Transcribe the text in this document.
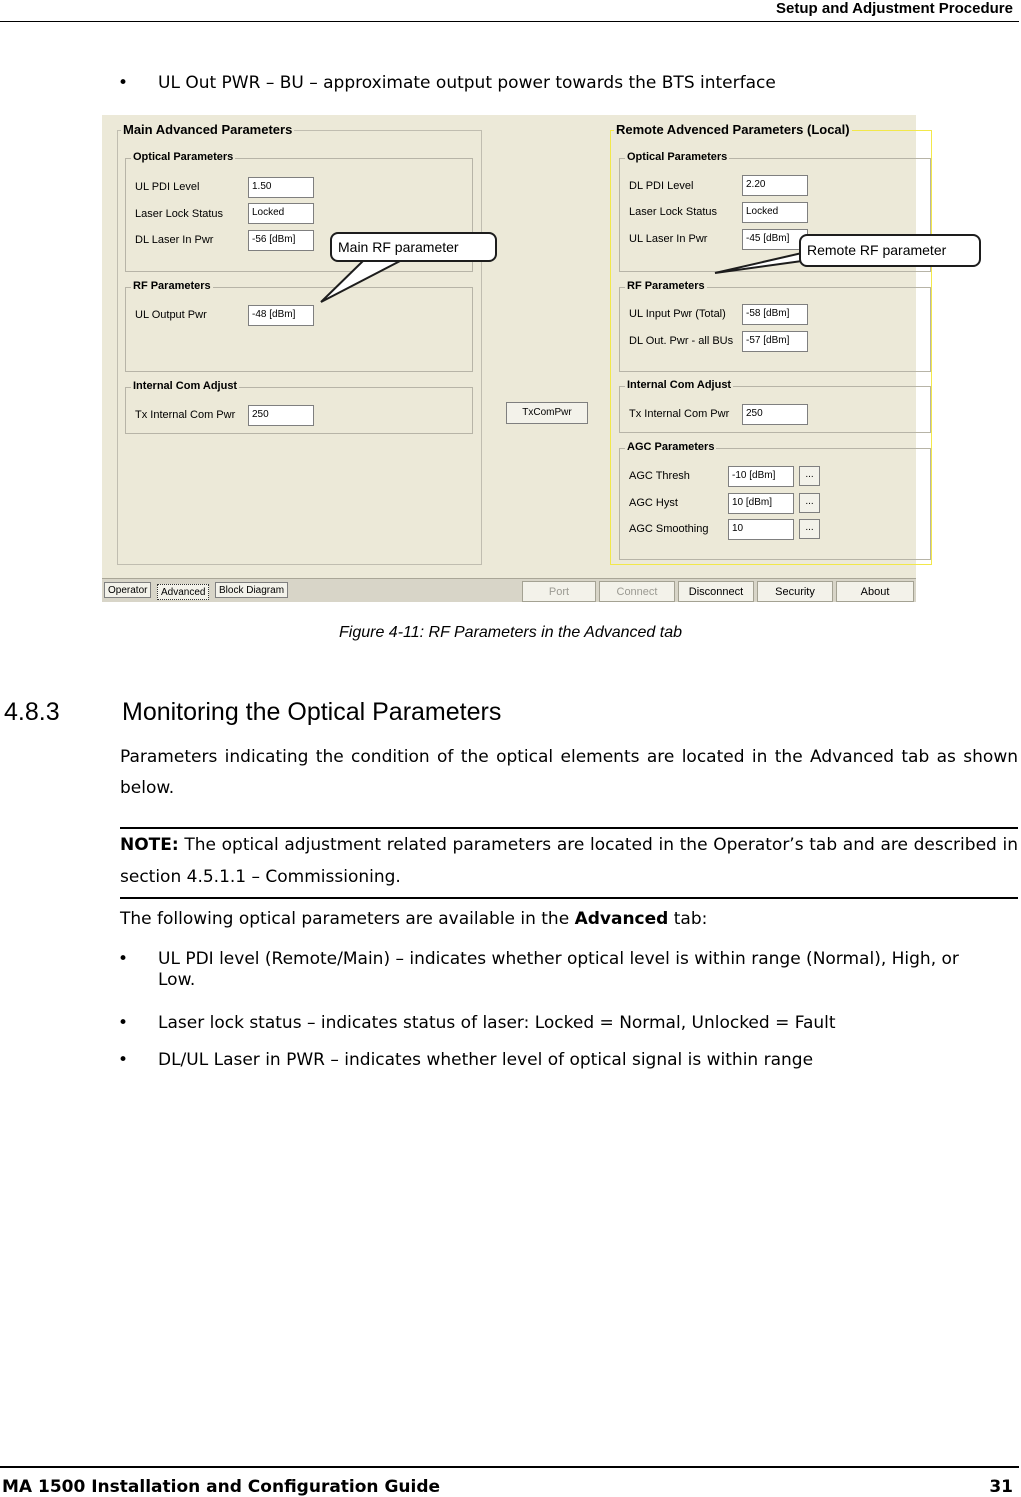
Setup and Adjustment Procedure
• UL Out PWR – BU – approximate output power towards the BTS interface
Main Advanced Parameters
Optical Parameters
UL PDI Level	1.50
Laser Lock Status	Locked
DL Laser In Pwr	-56 [dBm]
RF Parameters
UL Output Pwr	-48 [dBm]
Internal Com Adjust
Tx Internal Com Pwr	250	TxComPwr
Remote Advenced Parameters (Local)
Optical Parameters
DL PDI Level	2.20
Laser Lock Status	Locked
UL Laser In Pwr	-45 [dBm]
RF Parameters
UL Input Pwr (Total)	-58 [dBm]
DL Out. Pwr - all BUs	-57 [dBm]
Internal Com Adjust
Tx Internal Com Pwr	250
AGC Parameters
AGC Thresh	-10 [dBm]	...
AGC Hyst	10 [dBm]	...
AGC Smoothing	10	...
Operator	Advanced	Block Diagram	Port	Connect	Disconnect	Security	About
Main RF parameter	Remote RF parameter
Figure 4-11: RF Parameters in the Advanced tab
4.8.3 Monitoring the Optical Parameters
Parameters indicating the condition of the optical elements are located in the Advanced tab as shown below.
NOTE: The optical adjustment related parameters are located in the Operator’s tab and are described in section 4.5.1.1 – Commissioning.
The following optical parameters are available in the Advanced tab:
• UL PDI level (Remote/Main) – indicates whether optical level is within range (Normal), High, or Low.
• Laser lock status – indicates status of laser: Locked = Normal, Unlocked = Fault
• DL/UL Laser in PWR – indicates whether level of optical signal is within range
MA 1500 Installation and Configuration Guide	31
